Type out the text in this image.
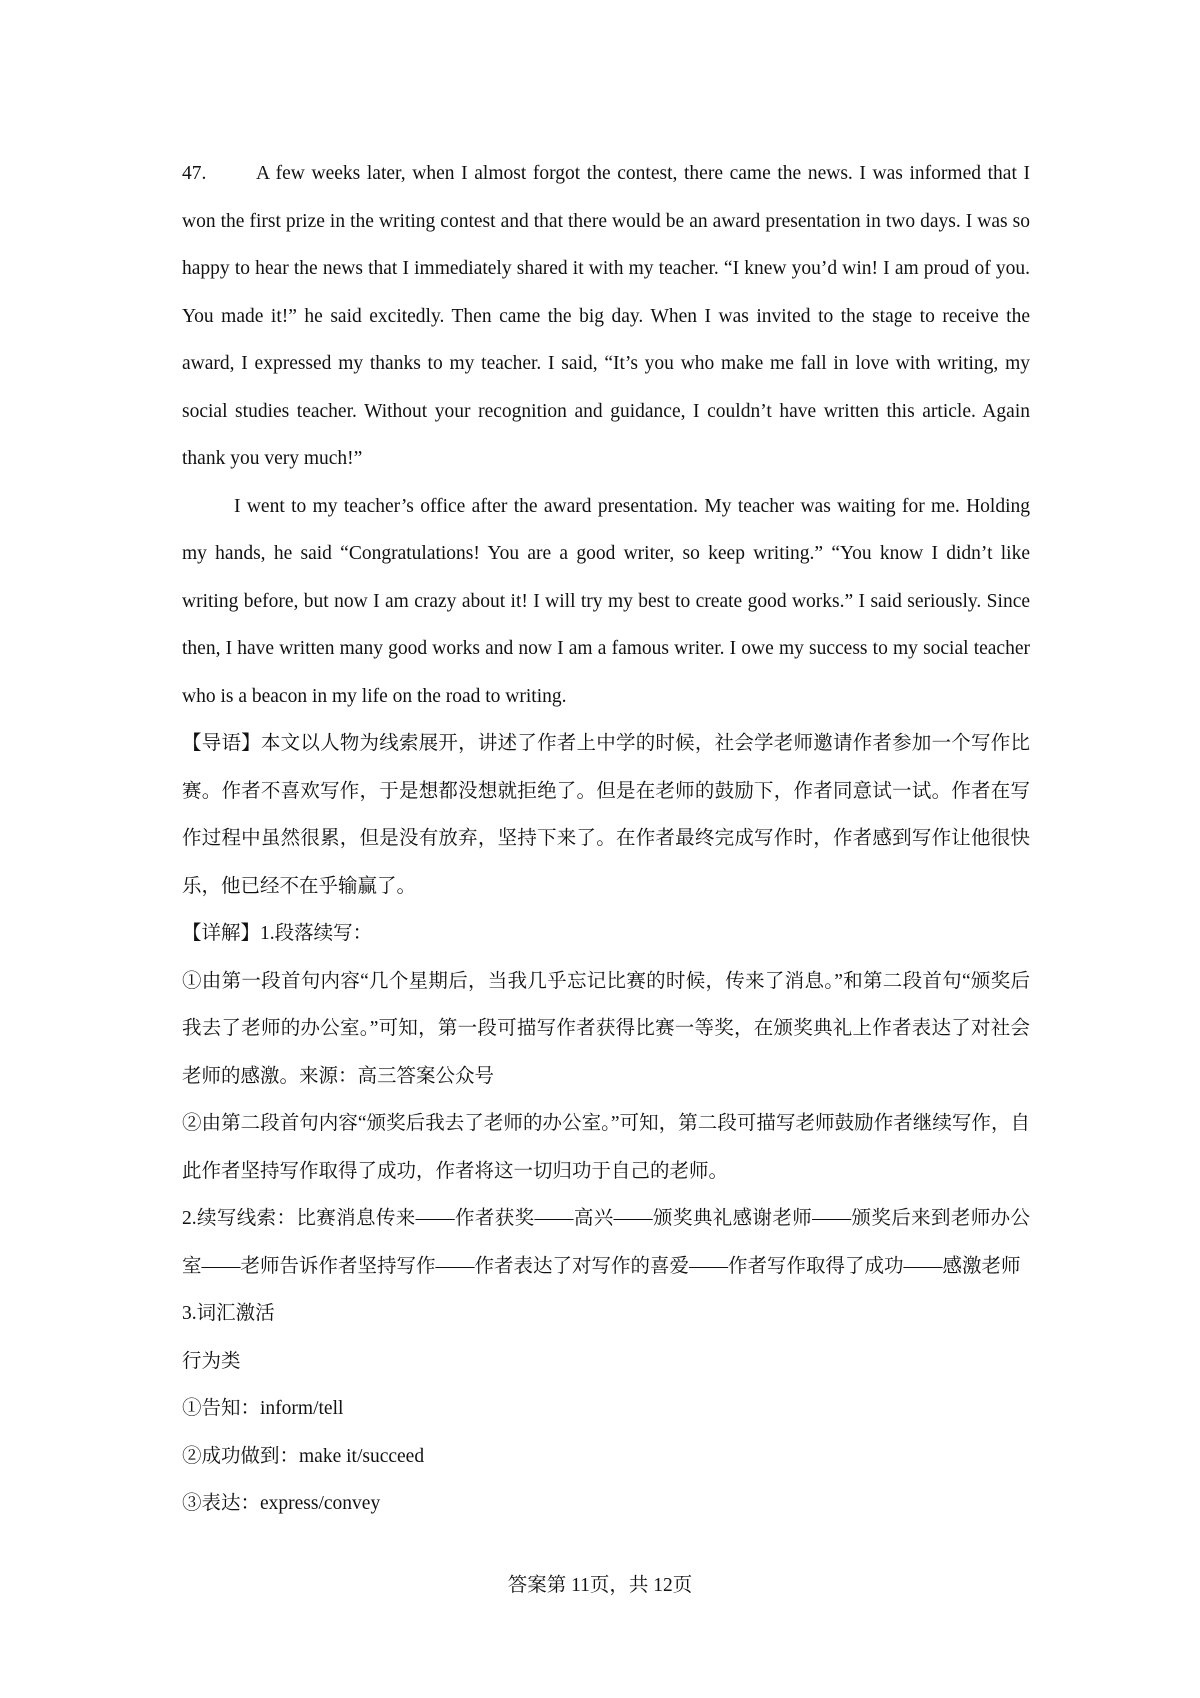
47.	A few weeks later, when I almost forgot the contest, there came the news. I was informed that I won the first prize in the writing contest and that there would be an award presentation in two days. I was so happy to hear the news that I immediately shared it with my teacher. “I knew you’d win! I am proud of you. You made it!” he said excitedly. Then came the big day. When I was invited to the stage to receive the award, I expressed my thanks to my teacher. I said, “It’s you who make me fall in love with writing, my social studies teacher. Without your recognition and guidance, I couldn’t have written this article. Again thank you very much!”

I went to my teacher’s office after the award presentation. My teacher was waiting for me. Holding my hands, he said “Congratulations! You are a good writer, so keep writing.” “You know I didn’t like writing before, but now I am crazy about it! I will try my best to create good works.” I said seriously. Since then, I have written many good works and now I am a famous writer. I owe my success to my social teacher who is a beacon in my life on the road to writing.

【导语】本文以人物为线索展开，讲述了作者上中学的时候，社会学老师邀请作者参加一个写作比赛。作者不喜欢写作，于是想都没想就拒绝了。但是在老师的鼓励下，作者同意试一试。作者在写作过程中虽然很累，但是没有放弃，坚持下来了。在作者最终完成写作时，作者感到写作让他很快乐，他已经不在乎输赢了。

【详解】1.段落续写：

①由第一段首句内容“几个星期后，当我几乎忘记比赛的时候，传来了消息。”和第二段首句“颁奖后我去了老师的办公室。”可知，第一段可描写作者获得比赛一等奖，在颁奖典礼上作者表达了对社会老师的感激。来源：高三答案公众号

②由第二段首句内容“颁奖后我去了老师的办公室。”可知，第二段可描写老师鼓励作者继续写作，自此作者坚持写作取得了成功，作者将这一切归功于自己的老师。

2.续写线索：比赛消息传来——作者获奖——高兴——颁奖典礼感谢老师——颁奖后来到老师办公室——老师告诉作者坚持写作——作者表达了对写作的喜爱——作者写作取得了成功——感激老师

3.词汇激活

行为类

①告知：inform/tell

②成功做到：make it/succeed

③表达：express/convey

答案第 11页，共 12页
